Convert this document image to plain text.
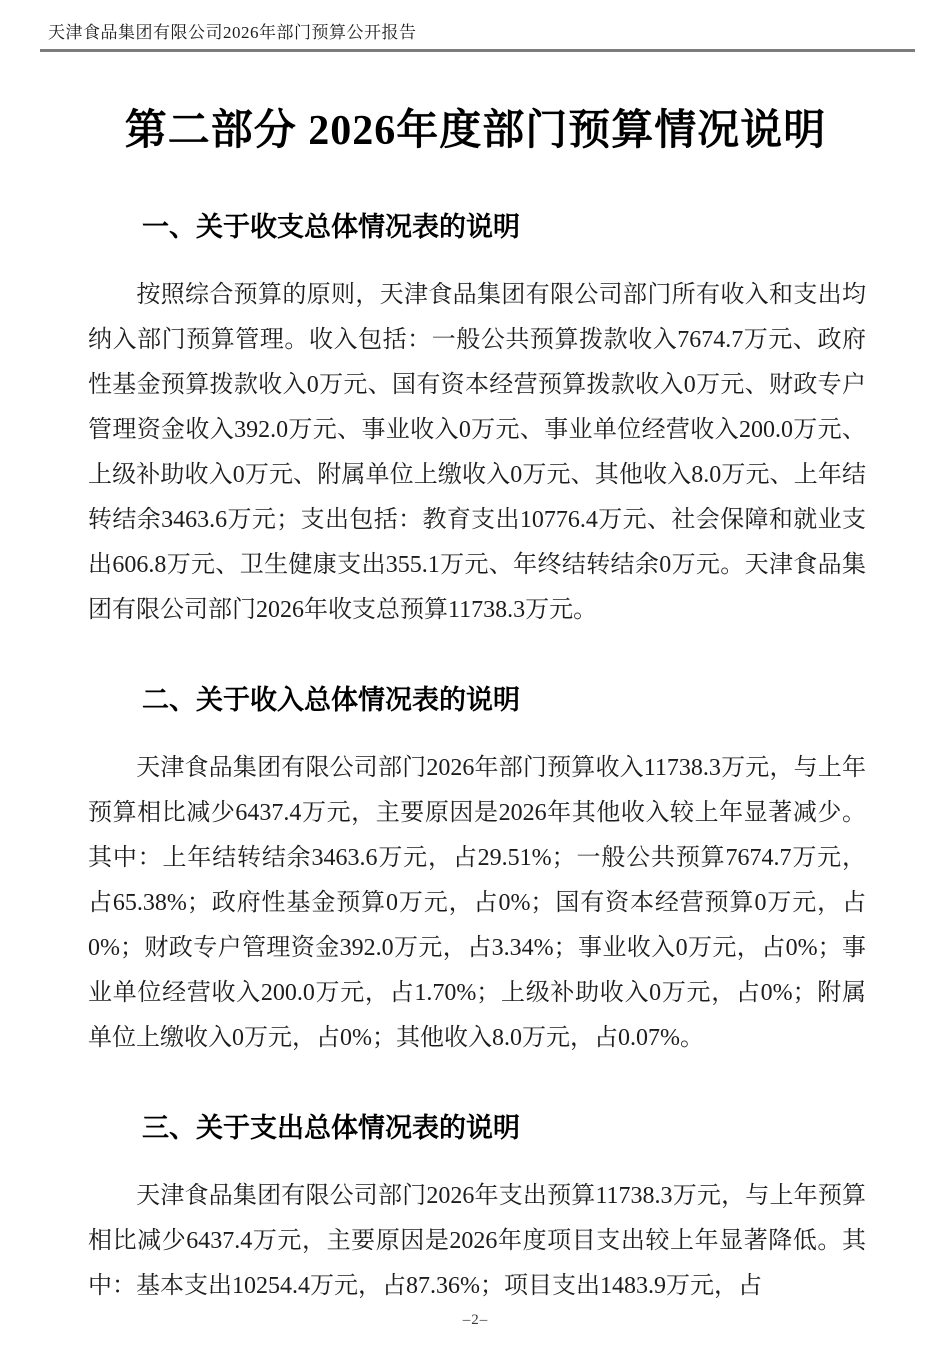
天津食品集团有限公司2026年部门预算公开报告
第二部分 2026年度部门预算情况说明
一、关于收支总体情况表的说明
按照综合预算的原则，天津食品集团有限公司部门所有收入和支出均纳入部门预算管理。收入包括：一般公共预算拨款收入7674.7万元、政府性基金预算拨款收入0万元、国有资本经营预算拨款收入0万元、财政专户管理资金收入392.0万元、事业收入0万元、事业单位经营收入200.0万元、上级补助收入0万元、附属单位上缴收入0万元、其他收入8.0万元、上年结转结余3463.6万元；支出包括：教育支出10776.4万元、社会保障和就业支出606.8万元、卫生健康支出355.1万元、年终结转结余0万元。天津食品集团有限公司部门2026年收支总预算11738.3万元。
二、关于收入总体情况表的说明
天津食品集团有限公司部门2026年部门预算收入11738.3万元，与上年预算相比减少6437.4万元，主要原因是2026年其他收入较上年显著减少。其中：上年结转结余3463.6万元，占29.51%；一般公共预算7674.7万元，占65.38%；政府性基金预算0万元，占0%；国有资本经营预算0万元，占0%；财政专户管理资金392.0万元，占3.34%；事业收入0万元，占0%；事业单位经营收入200.0万元，占1.70%；上级补助收入0万元，占0%；附属单位上缴收入0万元，占0%；其他收入8.0万元，占0.07%。
三、关于支出总体情况表的说明
天津食品集团有限公司部门2026年支出预算11738.3万元，与上年预算相比减少6437.4万元，主要原因是2026年度项目支出较上年显著降低。其中：基本支出10254.4万元，占87.36%；项目支出1483.9万元，占
–2–
